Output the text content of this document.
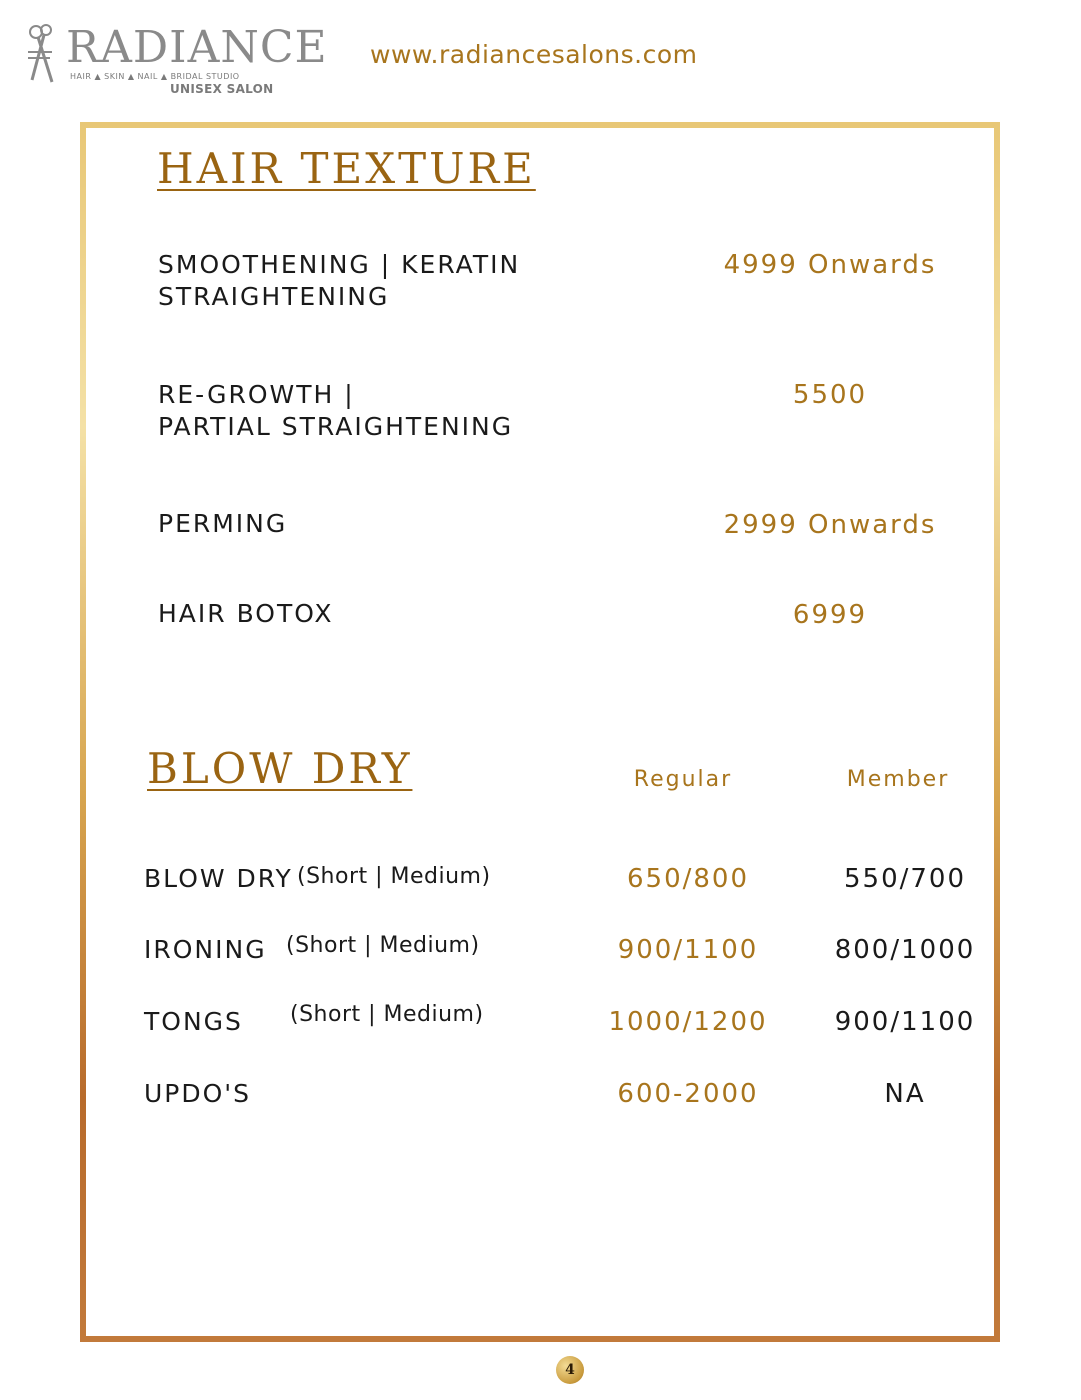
RADIANCE
HAIR ▲ SKIN ▲ NAIL ▲ BRIDAL STUDIO
UNISEX SALON
www.radiancesalons.com
HAIR TEXTURE
SMOOTHENING | KERATIN
STRAIGHTENING
4999 Onwards
RE-GROWTH |
PARTIAL STRAIGHTENING
5500
PERMING	2999 Onwards
HAIR BOTOX	6999
BLOW DRY	Regular	Member
BLOW DRY (Short | Medium)	650/800	550/700
IRONING (Short | Medium)	900/1100	800/1000
TONGS (Short | Medium)	1000/1200	900/1100
UPDO'S	600-2000	NA
4
